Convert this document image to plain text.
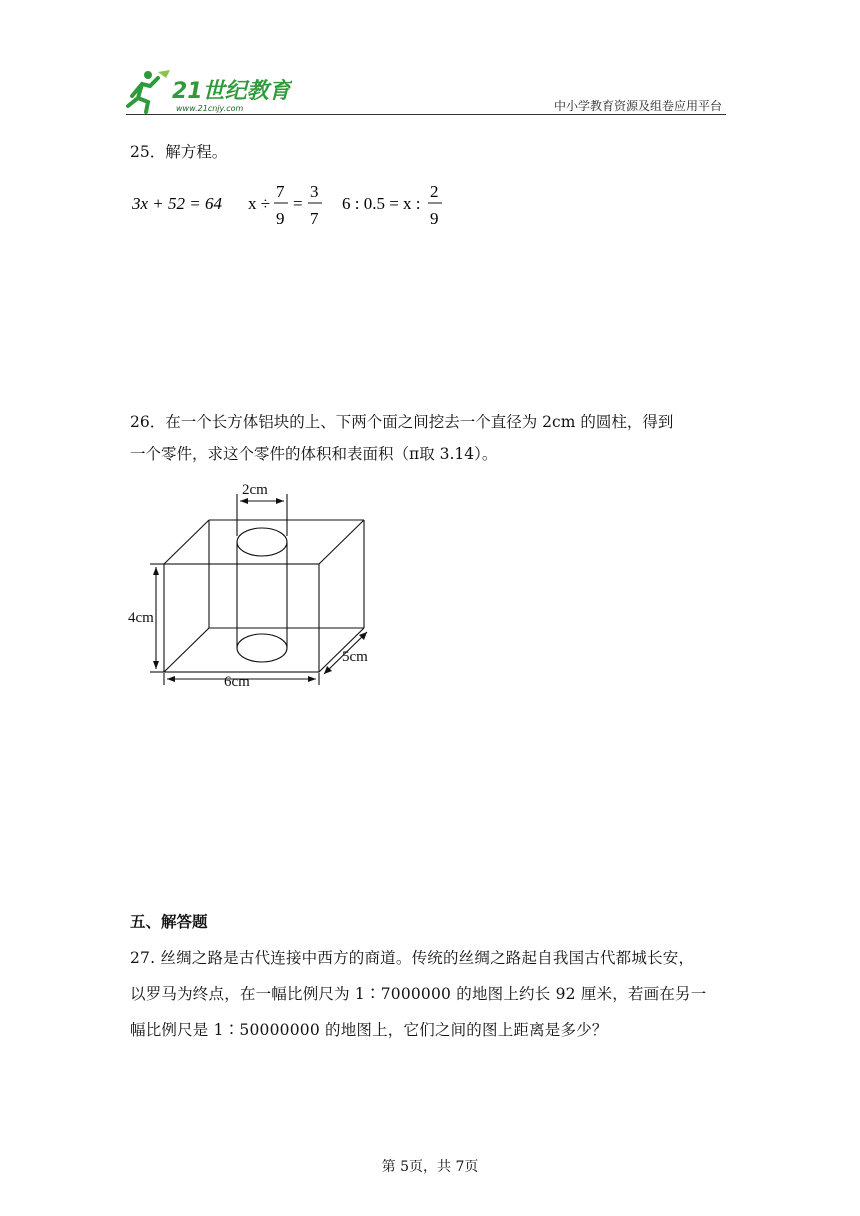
21世纪教育
www.21cnjy.com	中小学教育资源及组卷应用平台
25．解方程。
3x + 52 = 64 x ÷
7
9
=
3
7
6 : 0.5 = x :
2
9

26．在一个长方体铝块的上、下两个面之间挖去一个直径为 2cm 的圆柱，得到

一个零件，求这个零件的体积和表面积（π取 3.14）。

2cm
4cm
6cm
5cm
五、解答题

27. 丝绸之路是古代连接中西方的商道。传统的丝绸之路起自我国古代都城长安，

以罗马为终点，在一幅比例尺为 1∶7000000 的地图上约长 92 厘米，若画在另一

幅比例尺是 1∶50000000 的地图上，它们之间的图上距离是多少？

第 5页，共 7页
